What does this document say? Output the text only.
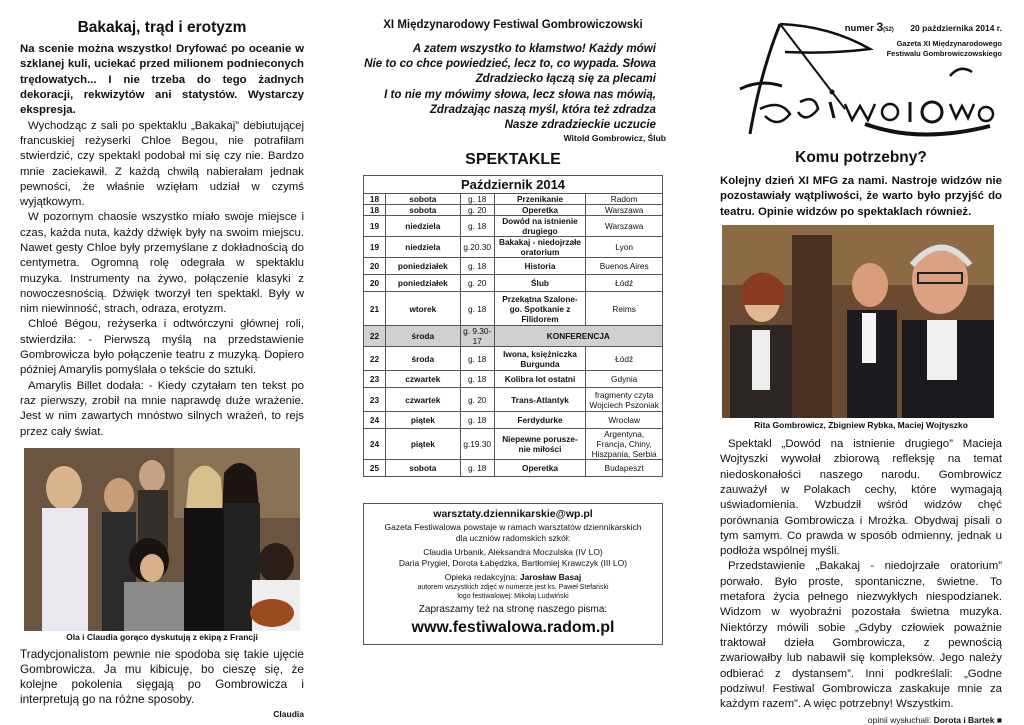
Bakakaj, trąd i erotyzm

Na scenie można wszystko! Dryfować po oceanie w szklanej kuli, uciekać przed milionem podnieconych trędowatych... I nie trzeba do tego żadnych dekoracji, rekwizytów ani statystów. Wystarczy ekspresja.

Wychodząc z sali po spektaklu „Bakakaj” debiutującej francuskiej reżyserki Chloe Begou, nie potrafiłam stwierdzić, czy spektakl podobał mi się czy nie. Bardzo mnie zaciekawił. Z każdą chwilą nabierałam jednak pewności, że właśnie wzięłam udział w czymś wyjątkowym.

W pozornym chaosie wszystko miało swoje miejsce i czas, każda nuta, każdy dźwięk były na swoim miejscu. Nawet gesty Chloe były przemyślane z dokładnością do centymetra. Ogromną rolę odegrała w spektaklu muzyka. Instrumenty na żywo, połączenie klasyki z nowoczesnością. Dźwięk tworzył ten spektakl. Były w nim niewinność, strach, odraza, erotyzm.

Chloé Bégou, reżyserka i odtwórczyni głównej roli, stwierdziła: - Pierwszą myślą na przedstawienie Gombrowicza było połączenie teatru z muzyką. Dopiero później Amarylis pomyślała o tekście do sztuki.

Amarylis Billet dodała: - Kiedy czytałam ten tekst po raz pierwszy, zrobił na mnie naprawdę duże wrażenie. Jest w nim zawartych mnóstwo silnych wrażeń, to rejs przez cały świat.

Ola i Claudia gorąco dyskutują z ekipą z Francji

Tradycjonalistom pewnie nie spodoba się takie ujęcie Gombrowicza. Ja mu kibicuję, bo cieszę się, że kolejne pokolenia sięgają po Gombrowicza i interpretują go na różne sposoby.

Claudia
XI Międzynarodowy Festiwal Gombrowiczowski
A zatem wszystko to kłamstwo! Każdy mówi
Nie to co chce powiedzieć, lecz to, co wypada. Słowa
Zdradziecko łączą się za plecami
I to nie my mówimy słowa, lecz słowa nas mówią,
Zdradzając naszą myśl, która też zdradza
Nasze zdradzieckie uczucie
Witold Gombrowicz, Ślub
SPEKTAKLE
Październik 2014				
18	sobota	g. 18	Przenikanie	Radom
18	sobota	g. 20	Operetka	Warszawa
19	niedziela	g. 18	Dowód na istnienie drugiego	Warszawa
19	niedziela	g.20.30	Bakakaj - niedojrzałe oratorium	Lyon
20	poniedziałek	g. 18	Historia	Buenos Aires
20	poniedziałek	g. 20	Ślub	Łódź
21	wtorek	g. 18	Przekątna Szalone-go. Spotkanie z Filidorem	Reims
22	środa	g. 9.30-17	KONFERENCJA	
22	środa	g. 18	Iwona, księżniczka Burgunda	Łódź
23	czwartek	g. 18	Kolibra lot ostatni	Gdynia
23	czwartek	g. 20	Trans-Atlantyk	fragmenty czyta Wojciech Pszoniak
24	piątek	g. 18	Ferdydurke	Wrocław
24	piątek	g.19.30	Niepewne porusze-nie miłości	Argentyna, Francja, Chiny, Hiszpania, Serbia
25	sobota	g. 18	Operetka	Budapeszt
warsztaty.dziennikarskie@wp.pl
Gazeta Festiwalowa powstaje w ramach warsztatów dziennikarskich
dla uczniów radomskich szkół:
Claudia Urbanik, Aleksandra Moczulska (IV LO)
Daria Prygiel, Dorota Łabędzka, Bartłomiej Krawczyk (III LO)
Opieka redakcyjna: Jarosław Basaj
autorem wszystkich zdjęć w numerze jest ks. Paweł Stefański
logo festiwalowej: Mikołaj Ludwiński
Zapraszamy też na stronę naszego pisma:
www.festiwalowa.radom.pl
numer 3(52) 20 października 2014 r.
Gazeta XI Międzynarodowego
Festiwalu Gombrowiczowskiego
Komu potrzebny?

Kolejny dzień XI MFG za nami. Nastroje widzów nie pozostawiały wątpliwości, że warto było przyjść do teatru. Opinie widzów po spektaklach również.

Rita Gombrowicz, Zbigniew Rybka, Maciej Wojtyszko

Spektakl „Dowód na istnienie drugiego” Macieja Wojtyszki wywołał zbiorową refleksję na temat niedoskonałości naszego narodu. Gombrowicz zauważył w Polakach cechy, które wymagają uświadomienia. Wzbudził wśród widzów chęć porównania Gombrowicza i Mrożka. Obydwaj pisali o tym samym. Co prawda w sposób odmienny, jednak u podłoża wspólnej myśli.

Przedstawienie „Bakakaj - niedojrzałe oratorium” porwało. Było proste, spontaniczne, świetne. To metafora życia pełnego niezwykłych niespodzianek. Widzom w wyobraźni pozostała świetna muzyka. Niektórzy mówili sobie „Gdyby człowiek poważnie traktował dzieła Gombrowicza, z pewnością zwariowałby lub nabawił się kompleksów. Jego należy odbierać z dystansem”. Inni podkreślali: „Godne podziwu! Festiwal Gombrowicza zaskakuje mnie za każdym razem”. A więc potrzebny! Wszystkim.

opinii wysłuchali: Dorota i Bartek ■
